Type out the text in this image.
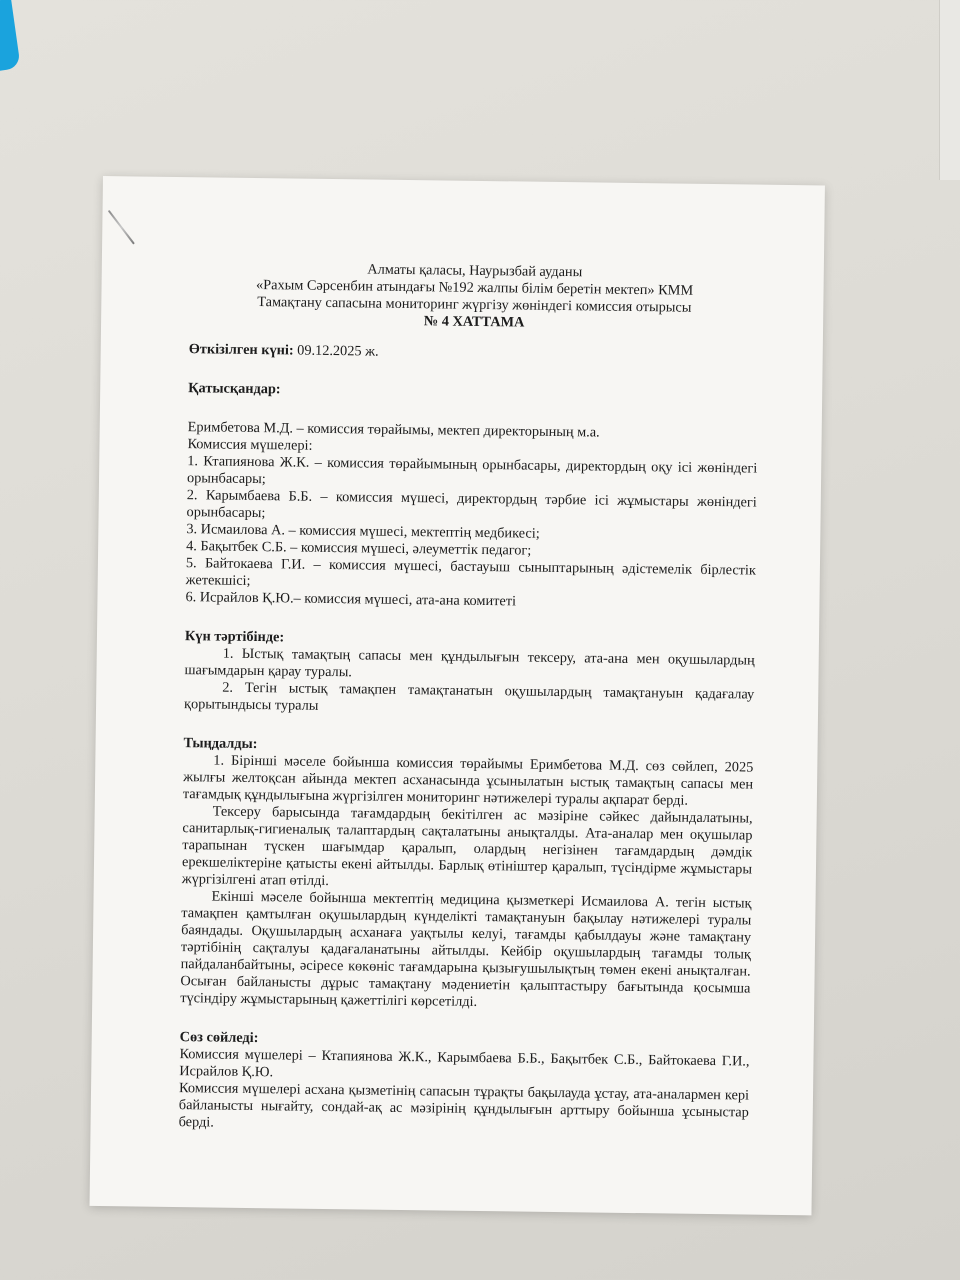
Алматы қаласы, Наурызбай ауданы
«Рахым Сәрсенбин атындағы №192 жалпы білім беретін мектеп» КММ
Тамақтану сапасына мониторинг жүргізу жөніндегі комиссия отырысы
№ 4 ХАТТАМА
Өткізілген күні: 09.12.2025 ж.
Қатысқандар:

Еримбетова М.Д. – комиссия төрайымы, мектеп директорының м.а.

Комиссия мүшелері:

1. Ктапиянова Ж.К. – комиссия төрайымының орынбасары, директордың оқу ісі жөніндегі орынбасары;

2. Карымбаева Б.Б. – комиссия мүшесі, директордың тәрбие ісі жұмыстары жөніндегі орынбасары;

3. Исмаилова А. – комиссия мүшесі, мектептің медбикесі;

4. Бақытбек С.Б. – комиссия мүшесі, әлеуметтік педагог;

5. Байтокаева Г.И. – комиссия мүшесі, бастауыш сыныптарының әдістемелік бірлестік жетекшісі;

6. Исрайлов Қ.Ю.– комиссия мүшесі, ата-ана комитеті

Күн тәртібінде:

1. Ыстық тамақтың сапасы мен құндылығын тексеру, ата-ана мен оқушылардың шағымдарын қарау туралы.

2. Тегін ыстық тамақпен тамақтанатын оқушылардың тамақтануын қадағалау қорытындысы туралы

Тыңдалды:

1. Бірінші мәселе бойынша комиссия төрайымы Еримбетова М.Д. сөз сөйлеп, 2025 жылғы желтоқсан айында мектеп асханасында ұсынылатын ыстық тамақтың сапасы мен тағамдық құндылығына жүргізілген мониторинг нәтижелері туралы ақпарат берді.

Тексеру барысында тағамдардың бекітілген ас мәзіріне сәйкес дайындалатыны, санитарлық-гигиеналық талаптардың сақталатыны анықталды. Ата-аналар мен оқушылар тарапынан түскен шағымдар қаралып, олардың негізінен тағамдардың дәмдік ерекшеліктеріне қатысты екені айтылды. Барлық өтініштер қаралып, түсіндірме жұмыстары жүргізілгені атап өтілді.

Екінші мәселе бойынша мектептің медицина қызметкері Исмаилова А. тегін ыстық тамақпен қамтылған оқушылардың күнделікті тамақтануын бақылау нәтижелері туралы баяндады. Оқушылардың асханаға уақтылы келуі, тағамды қабылдауы және тамақтану тәртібінің сақталуы қадағаланатыны айтылды. Кейбір оқушылардың тағамды толық пайдаланбайтыны, әсіресе көкөніс тағамдарына қызығушылықтың төмен екені анықталған. Осыған байланысты дұрыс тамақтану мәдениетін қалыптастыру бағытында қосымша түсіндіру жұмыстарының қажеттілігі көрсетілді.

Сөз сөйледі:

Комиссия мүшелері – Ктапиянова Ж.К., Карымбаева Б.Б., Бақытбек С.Б., Байтокаева Г.И., Исрайлов Қ.Ю.

Комиссия мүшелері асхана қызметінің сапасын тұрақты бақылауда ұстау, ата-аналармен кері байланысты нығайту, сондай-ақ ас мәзірінің құндылығын арттыру бойынша ұсыныстар берді.
